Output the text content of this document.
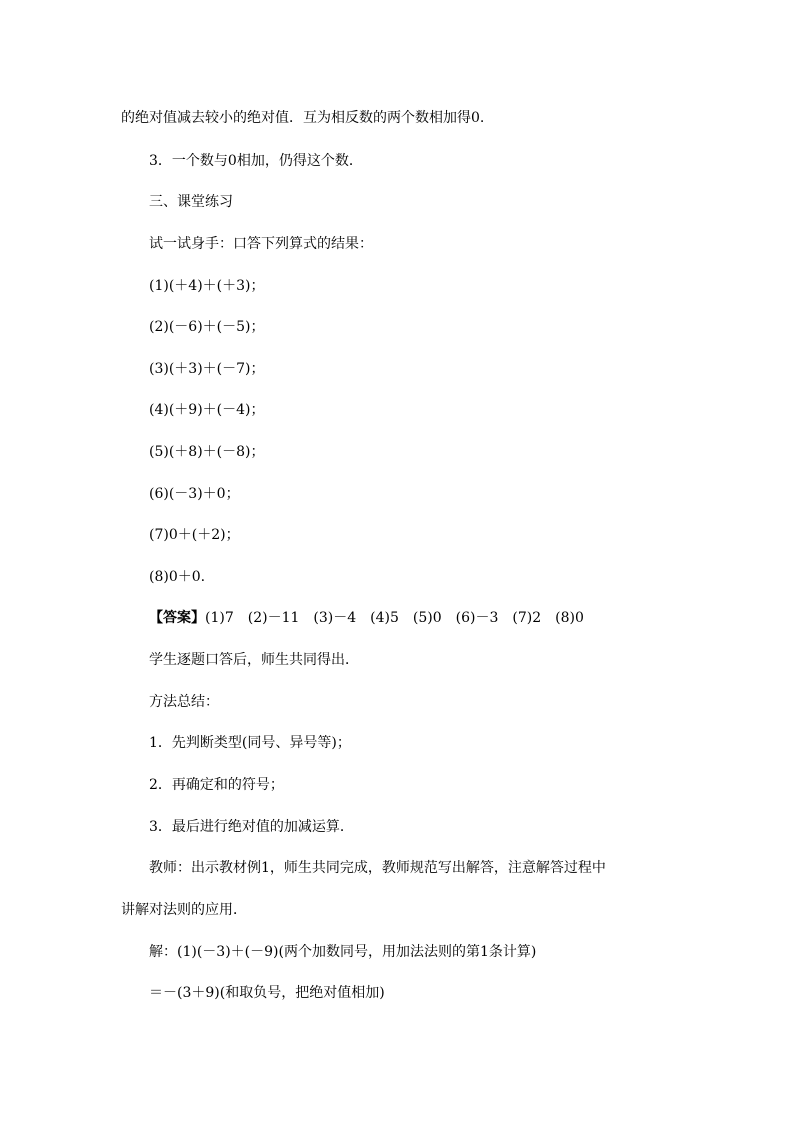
的绝对值减去较小的绝对值．互为相反数的两个数相加得0.
3．一个数与0相加，仍得这个数．
三、课堂练习
试一试身手：口答下列算式的结果：
(1)(＋4)＋(＋3)；
(2)(－6)＋(－5)；
(3)(＋3)＋(－7)；
(4)(＋9)＋(－4)；
(5)(＋8)＋(－8)；
(6)(－3)＋0；
(7)0＋(＋2)；
(8)0＋0.
【答案】(1)7 (2)－11 (3)－4 (4)5 (5)0 (6)－3 (7)2 (8)0
学生逐题口答后，师生共同得出．
方法总结：
1．先判断类型(同号、异号等)；
2．再确定和的符号；
3．最后进行绝对值的加减运算．
教师：出示教材例1，师生共同完成，教师规范写出解答，注意解答过程中
讲解对法则的应用．
解：(1)(－3)＋(－9)(两个加数同号，用加法法则的第1条计算)
＝－(3＋9)(和取负号，把绝对值相加)
